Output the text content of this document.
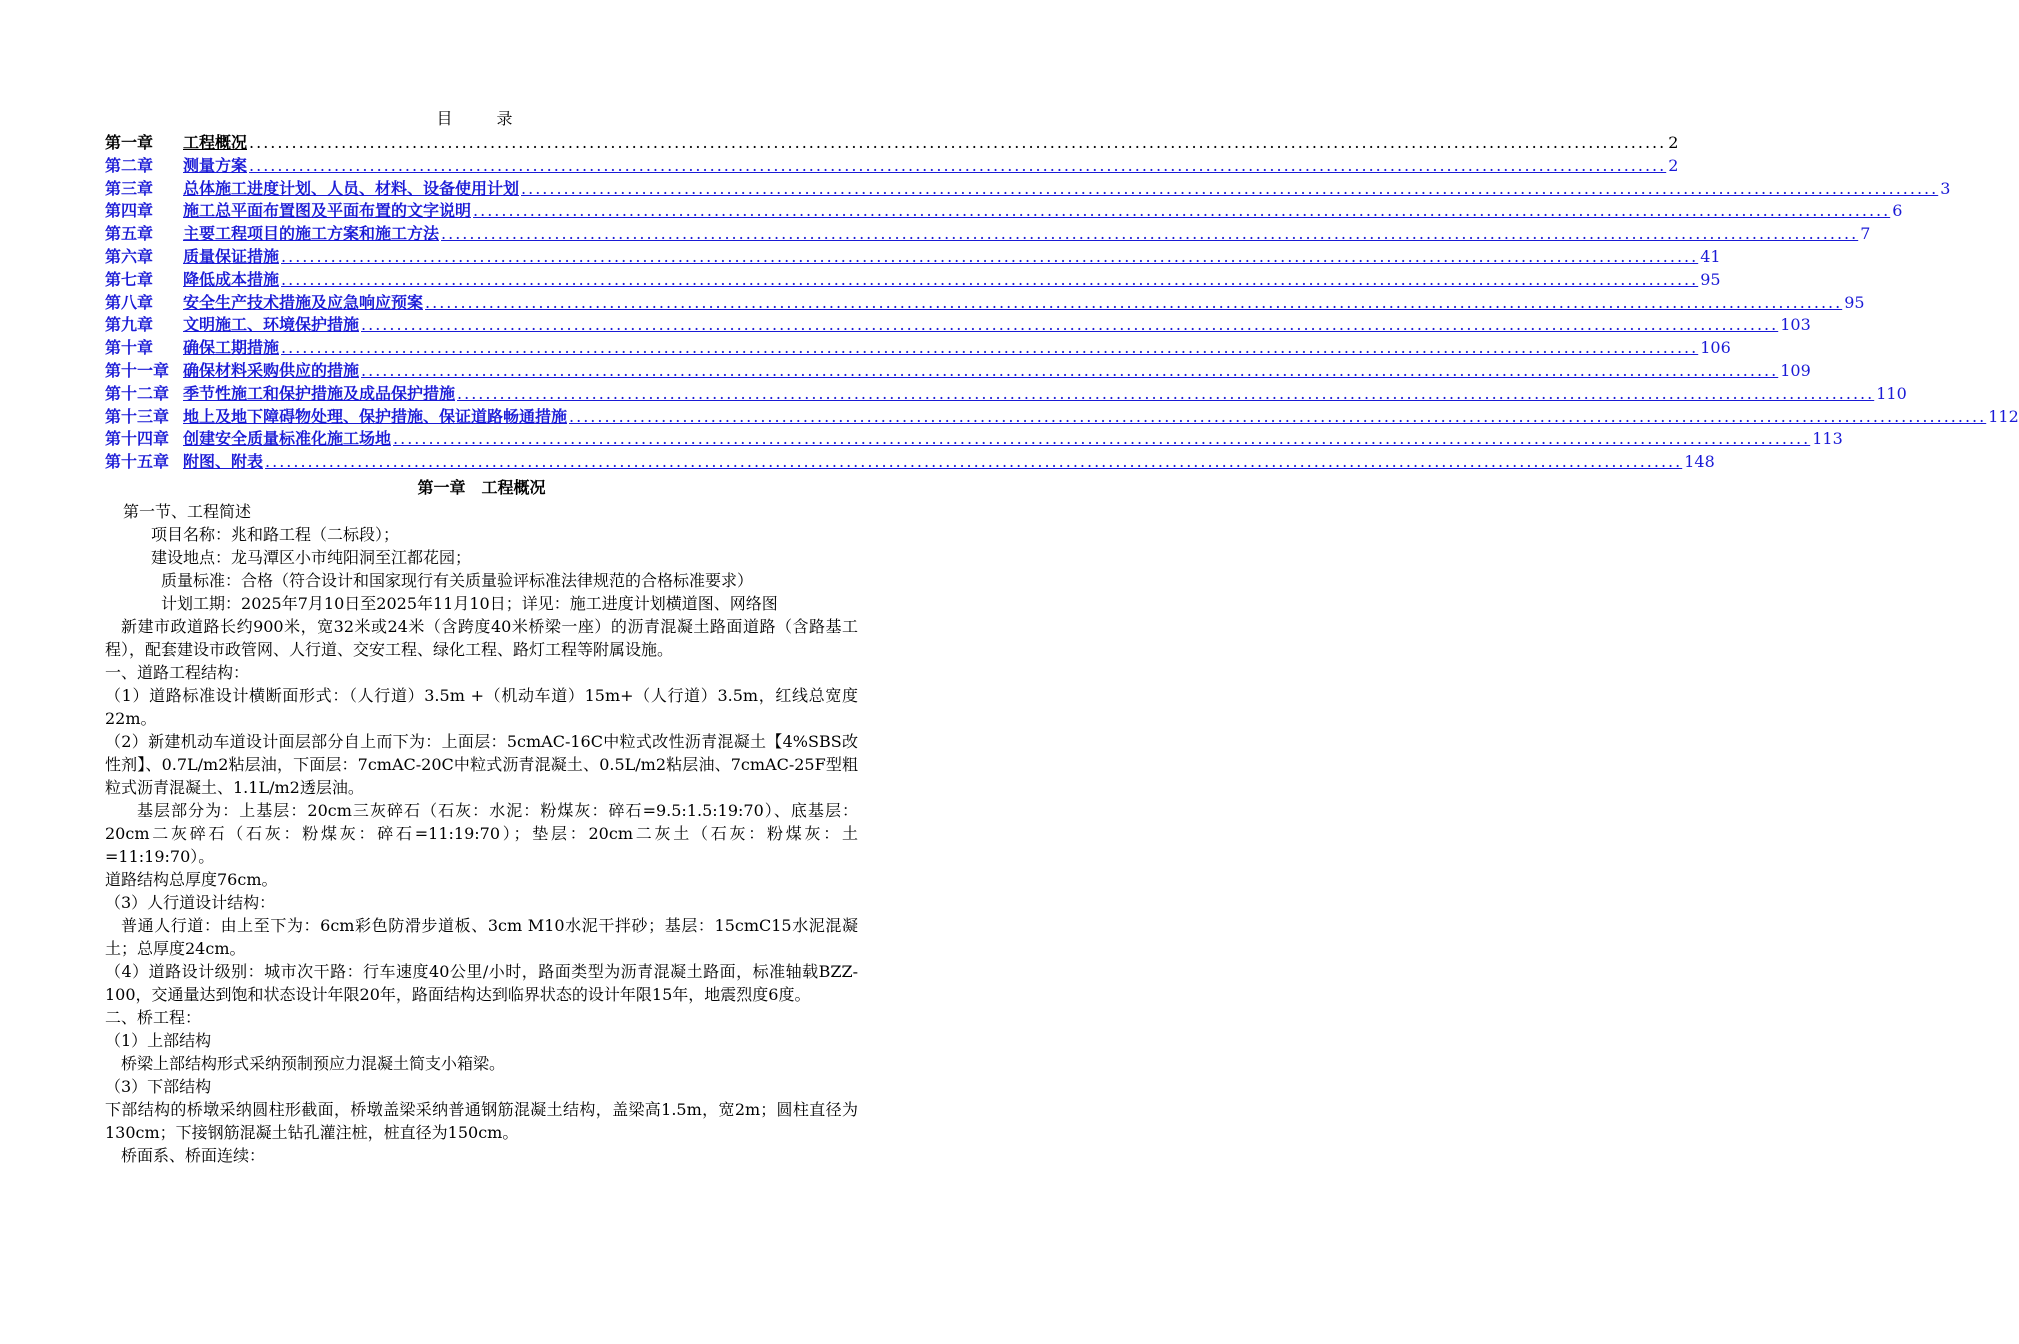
目　录
第一章 工程概况 ........................................................................................................................................................................................................ 2
第二章 测量方案 ........................................................................................................................................................................................................ 2
第三章 总体施工进度计划、人员、材料、设备使用计划 ........................................................................................................................................................................................................ 3
第四章 施工总平面布置图及平面布置的文字说明 ........................................................................................................................................................................................................ 6
第五章 主要工程项目的施工方案和施工方法 ........................................................................................................................................................................................................ 7
第六章 质量保证措施 ........................................................................................................................................................................................................ 41
第七章 降低成本措施 ........................................................................................................................................................................................................ 95
第八章 安全生产技术措施及应急响应预案 ........................................................................................................................................................................................................ 95
第九章 文明施工、环境保护措施 ........................................................................................................................................................................................................ 103
第十章 确保工期措施 ........................................................................................................................................................................................................ 106
第十一章 确保材料采购供应的措施 ........................................................................................................................................................................................................ 109
第十二章 季节性施工和保护措施及成品保护措施 ........................................................................................................................................................................................................ 110
第十三章 地上及地下障碍物处理、保护措施、保证道路畅通措施 ........................................................................................................................................................................................................ 112
第十四章 创建安全质量标准化施工场地 ........................................................................................................................................................................................................ 113
第十五章 附图、附表 ........................................................................................................................................................................................................ 148
第一章　工程概况
第一节、工程简述
项目名称：兆和路工程（二标段）；
建设地点：龙马潭区小市纯阳洞至江都花园；
质量标准： 合格（符合设计和国家现行有关质量验评标准法律规范的合格标准要求）
计划工期： 2025年7月10日至2025年11月10日；详见：施工进度计划横道图、网络图
新建市政道路长约900米，宽32米或24米（含跨度40米桥梁一座）的沥青混凝土路面道路（含路基工程），配套建设市政管网、人行道、交安工程、绿化工程、路灯工程等附属设施。
一、道路工程结构：
（1）道路标准设计横断面形式：（人行道）3.5m +（机动车道）15m+（人行道）3.5m，红线总宽度22m。
（2）新建机动车道设计面层部分自上而下为：上面层：5cmAC-16C中粒式改性沥青混凝土【4%SBS改性剂】、0.7L/m2粘层油，下面层：7cmAC-20C中粒式沥青混凝土、0.5L/m2粘层油、7cmAC-25F型粗粒式沥青混凝土、1.1L/m2透层油。
基层部分为：上基层：20cm三灰碎石（石灰：水泥：粉煤灰：碎石=9.5:1.5:19:70）、底基层：20cm二灰碎石（石灰：粉煤灰：碎石=11:19:70）；垫层：20cm二灰土（石灰：粉煤灰：土=11:19:70）。
道路结构总厚度76cm。
（3）人行道设计结构：
普通人行道：由上至下为：6cm彩色防滑步道板、3cm M10水泥干拌砂；基层：15cmC15水泥混凝土；总厚度24cm。
（4）道路设计级别：城市次干路：行车速度40公里/小时，路面类型为沥青混凝土路面，标准轴载BZZ-100，交通量达到饱和状态设计年限20年，路面结构达到临界状态的设计年限15年，地震烈度6度。
二、桥工程：
（1）上部结构
桥梁上部结构形式采纳预制预应力混凝土简支小箱梁。
（3）下部结构
下部结构的桥墩采纳圆柱形截面，桥墩盖梁采纳普通钢筋混凝土结构，盖梁高1.5m，宽2m；圆柱直径为130cm；下接钢筋混凝土钻孔灌注桩，桩直径为150cm。
桥面系、桥面连续：
